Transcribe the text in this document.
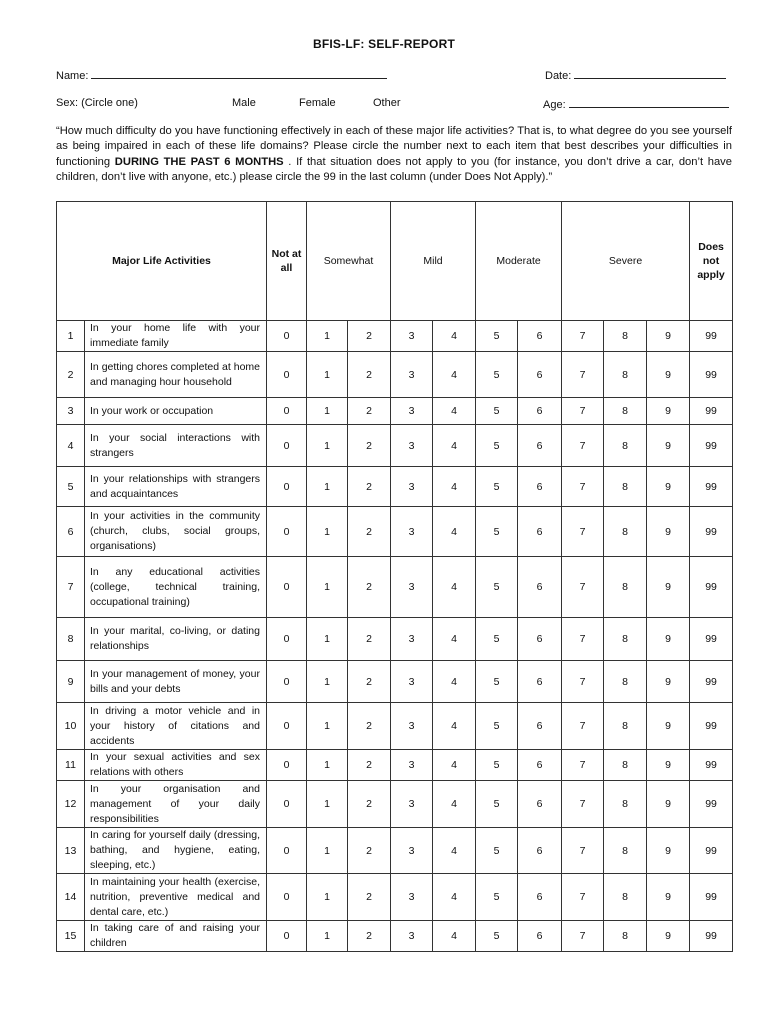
BFIS-LF: SELF-REPORT
Name:	Date:
Sex: (Circle one)	Male	Female	Other	Age:
“How much difficulty do you have functioning effectively in each of these major life activities? That is, to what degree do you see yourself as being impaired in each of these life domains? Please circle the number next to each item that best describes your difficulties in functioning DURING THE PAST 6 MONTHS . If that situation does not apply to you (for instance, you don’t drive a car, don’t have children, don’t live with anyone, etc.) please circle the 99 in the last column (under Does Not Apply).”
Major Life Activities		Not at all	Somewhat		Mild		Moderate		Severe			Does not apply
1	In your home life with your immediate family	0	1	2	3	4	5	6	7	8	9	99
2	In getting chores completed at home and managing hour household	0	1	2	3	4	5	6	7	8	9	99
3	In your work or occupation	0	1	2	3	4	5	6	7	8	9	99
4	In your social interactions with strangers	0	1	2	3	4	5	6	7	8	9	99
5	In your relationships with strangers and acquaintances	0	1	2	3	4	5	6	7	8	9	99
6	In your activities in the community (church, clubs, social groups, organisations)	0	1	2	3	4	5	6	7	8	9	99
7	In any educational activities (college, technical training, occupational training)	0	1	2	3	4	5	6	7	8	9	99
8	In your marital, co-living, or dating relationships	0	1	2	3	4	5	6	7	8	9	99
9	In your management of money, your bills and your debts	0	1	2	3	4	5	6	7	8	9	99
10	In driving a motor vehicle and in your history of citations and accidents	0	1	2	3	4	5	6	7	8	9	99
11	In your sexual activities and sex relations with others	0	1	2	3	4	5	6	7	8	9	99
12	In your organisation and management of your daily responsibilities	0	1	2	3	4	5	6	7	8	9	99
13	In caring for yourself daily (dressing, bathing, and hygiene, eating, sleeping, etc.)	0	1	2	3	4	5	6	7	8	9	99
14	In maintaining your health (exercise, nutrition, preventive medical and dental care, etc.)	0	1	2	3	4	5	6	7	8	9	99
15	In taking care of and raising your children	0	1	2	3	4	5	6	7	8	9	99
